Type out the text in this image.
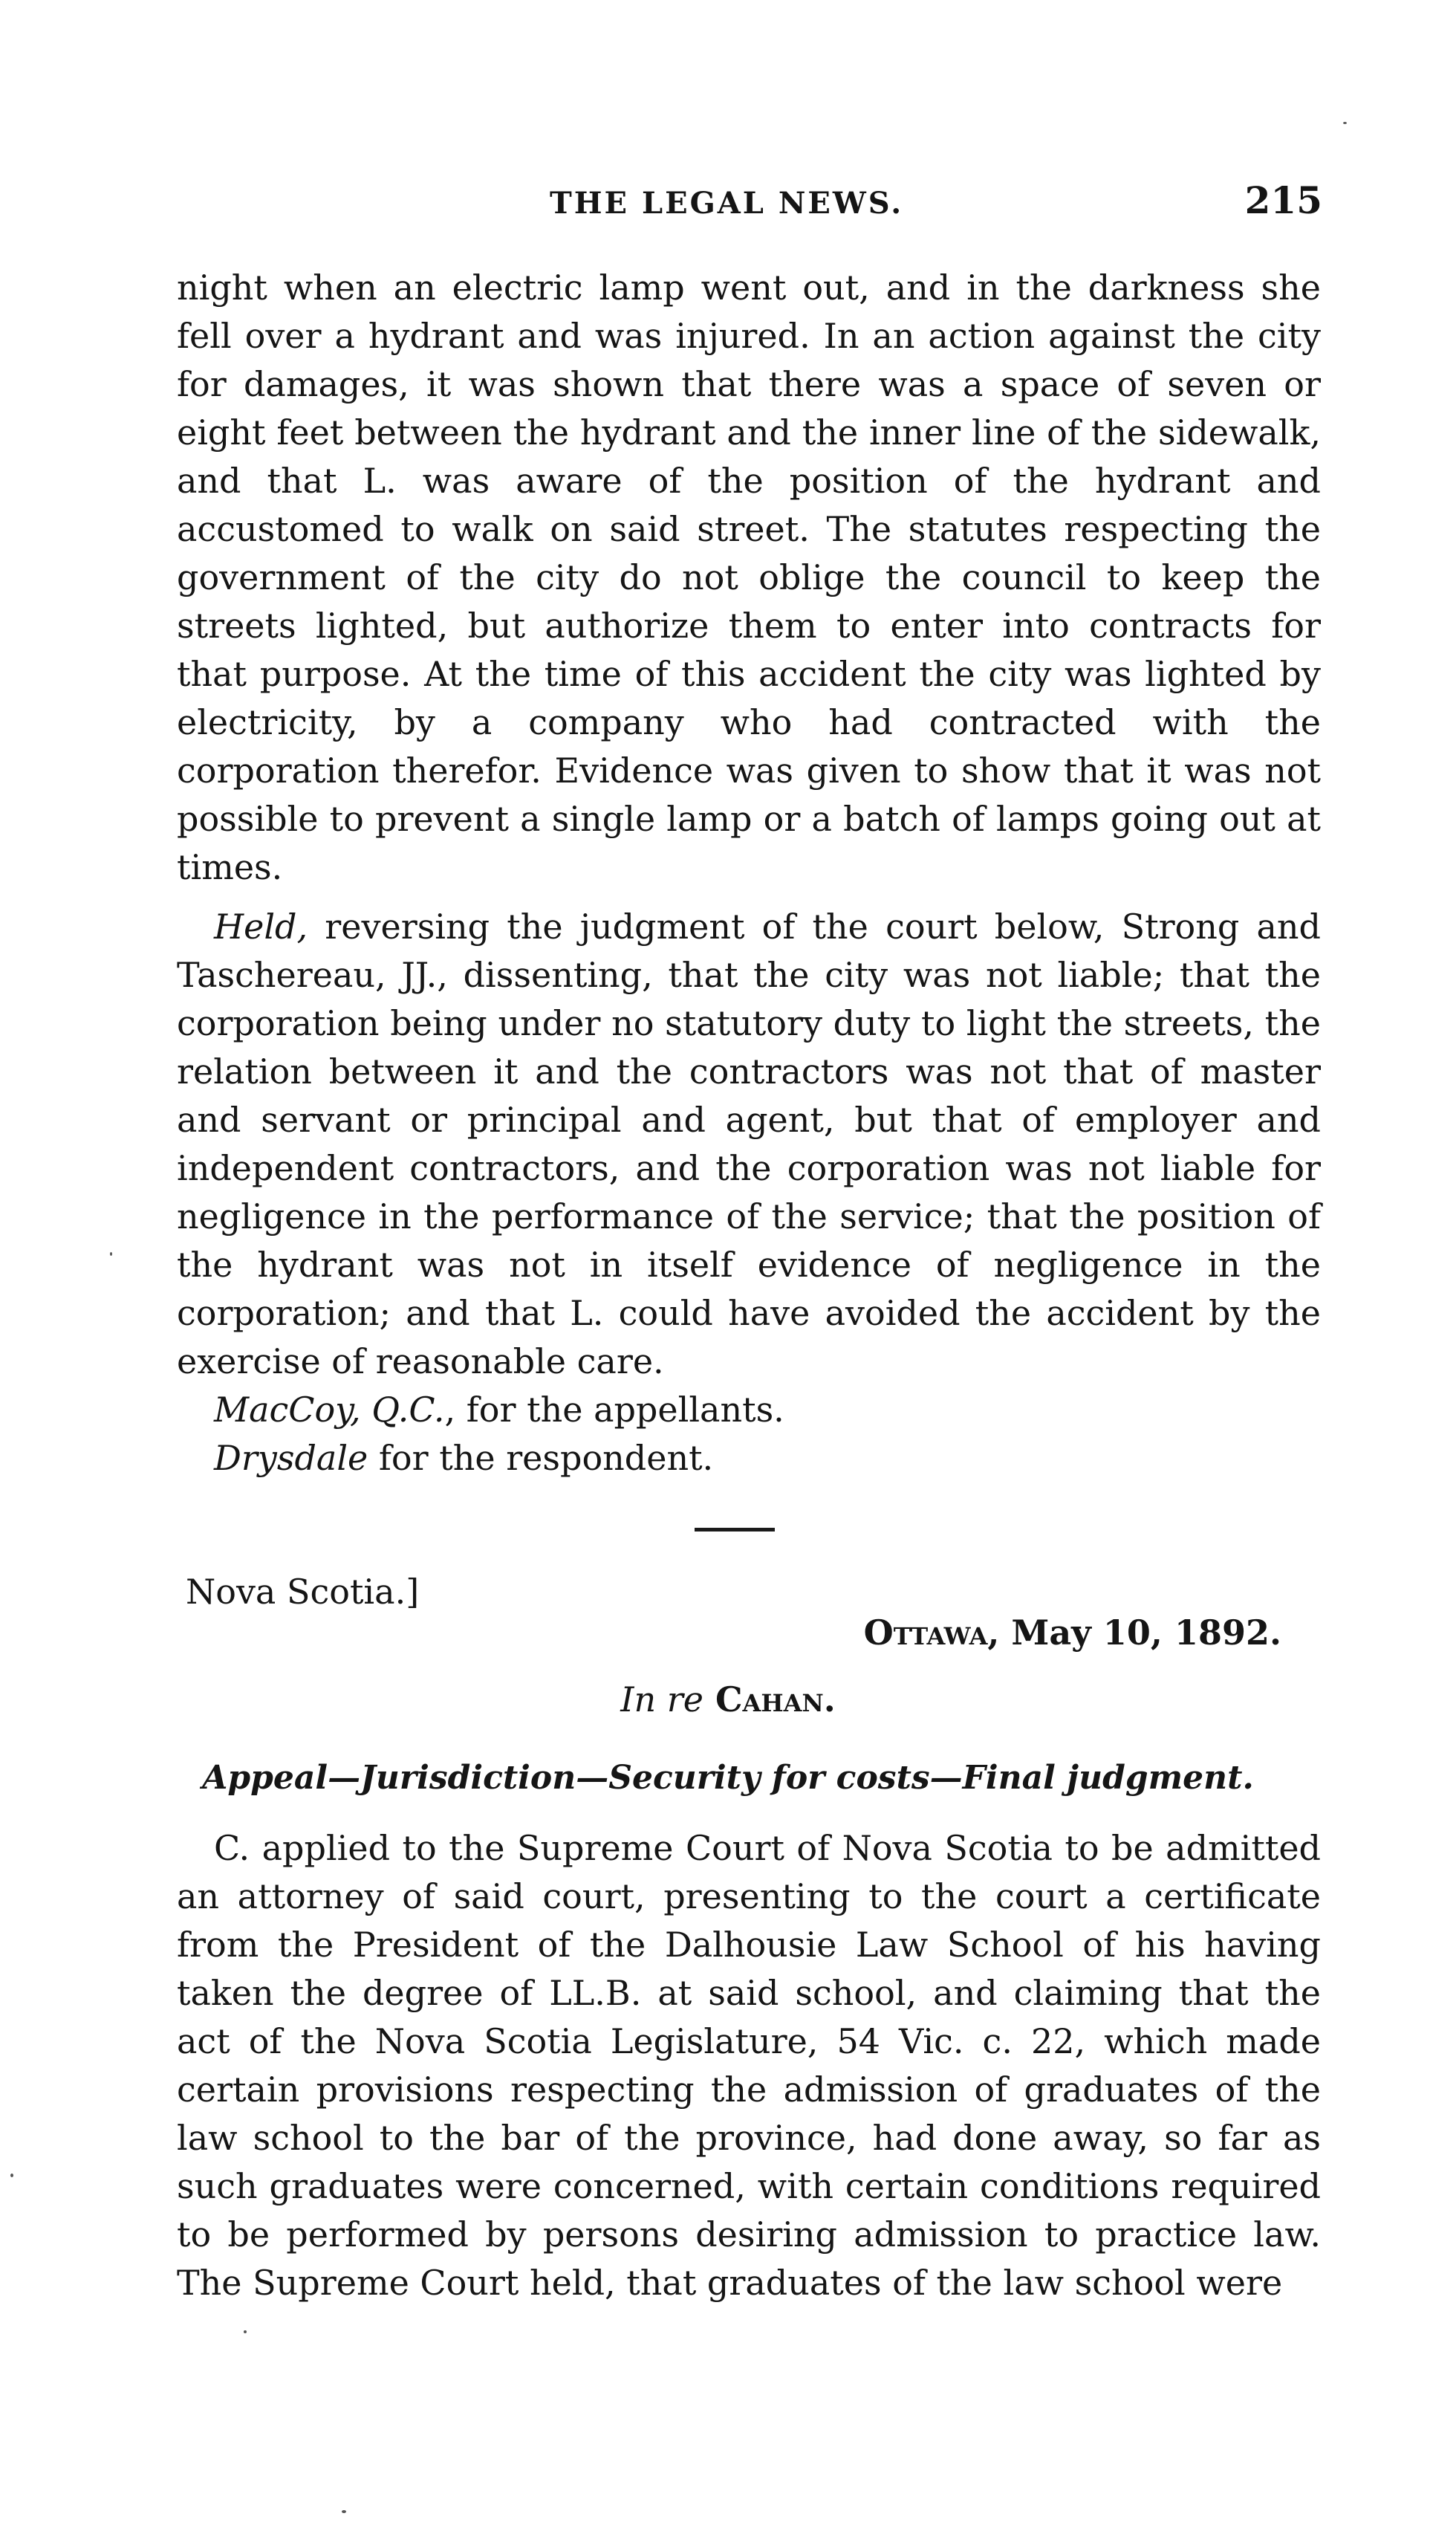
THE LEGAL NEWS.	215

night when an electric lamp went out, and in the darkness she fell over a hydrant and was injured. In an action against the city for damages, it was shown that there was a space of seven or eight feet between the hydrant and the inner line of the sidewalk, and that L. was aware of the position of the hydrant and accustomed to walk on said street. The statutes respecting the government of the city do not oblige the council to keep the streets lighted, but authorize them to enter into contracts for that purpose. At the time of this accident the city was lighted by electricity, by a company who had contracted with the corporation therefor. Evidence was given to show that it was not possible to prevent a single lamp or a batch of lamps going out at times.

Held, reversing the judgment of the court below, Strong and Taschereau, JJ., dissenting, that the city was not liable; that the corporation being under no statutory duty to light the streets, the relation between it and the contractors was not that of master and servant or principal and agent, but that of employer and independent contractors, and the corporation was not liable for negligence in the performance of the service; that the position of the hydrant was not in itself evidence of negligence in the corporation; and that L. could have avoided the accident by the exercise of reasonable care.

MacCoy, Q.C., for the appellants.
Drysdale for the respondent.
Nova Scotia.]
Ottawa, May 10, 1892.
In re Cahan.
Appeal—Jurisdiction—Security for costs—Final judgment.

C. applied to the Supreme Court of Nova Scotia to be admitted an attorney of said court, presenting to the court a certificate from the President of the Dalhousie Law School of his having taken the degree of LL.B. at said school, and claiming that the act of the Nova Scotia Legislature, 54 Vic. c. 22, which made certain provisions respecting the admission of graduates of the law school to the bar of the province, had done away, so far as such graduates were concerned, with certain conditions required to be performed by persons desiring admission to practice law. The Supreme Court held, that graduates of the law school were
